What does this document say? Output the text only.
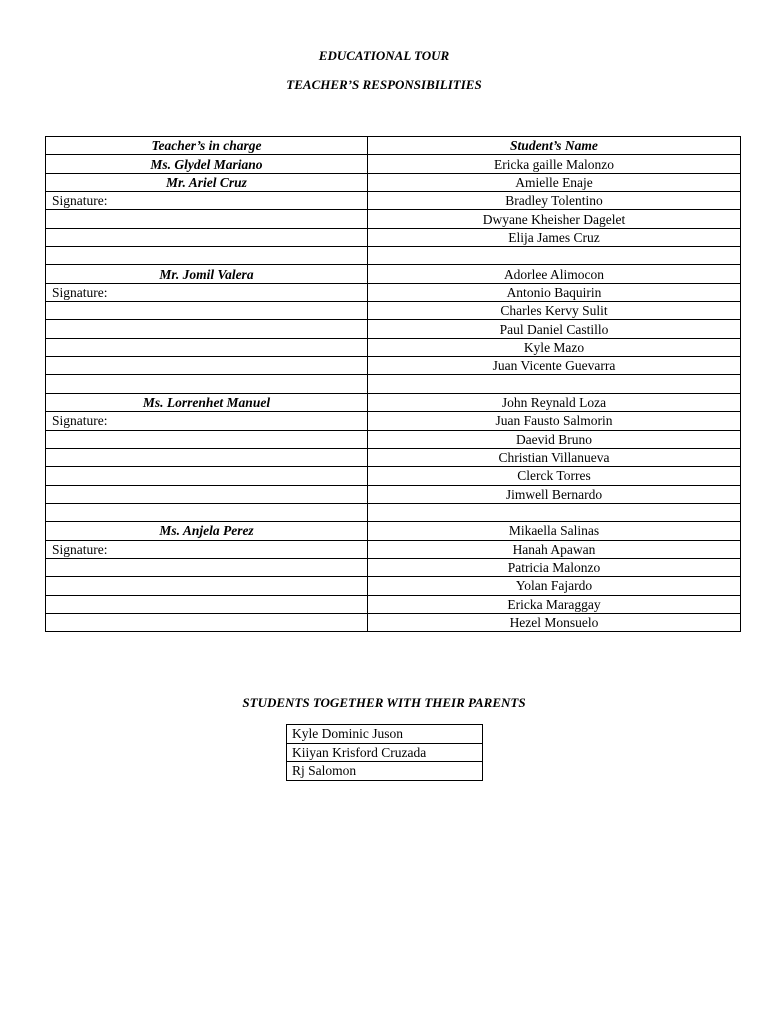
EDUCATIONAL TOUR

TEACHER’S RESPONSIBILITIES

Teacher’s in charge	Student’s Name
Ms. Glydel Mariano	Ericka gaille Malonzo
Mr. Ariel Cruz	Amielle Enaje
Signature:	Bradley Tolentino
	Dwyane Kheisher Dagelet
	Elija James Cruz

Mr. Jomil Valera	Adorlee Alimocon
Signature:	Antonio Baquirin
	Charles Kervy Sulit
	Paul Daniel Castillo
	Kyle Mazo
	Juan Vicente Guevarra

Ms. Lorrenhet Manuel	John Reynald Loza
Signature:	Juan Fausto Salmorin
	Daevid Bruno
	Christian Villanueva
	Clerck Torres
	Jimwell Bernardo

Ms. Anjela Perez	Mikaella Salinas
Signature:	Hanah Apawan
	Patricia Malonzo
	Yolan Fajardo
	Ericka Maraggay
	Hezel Monsuelo

STUDENTS TOGETHER WITH THEIR PARENTS

Kyle Dominic Juson
Kiiyan Krisford Cruzada
Rj Salomon
